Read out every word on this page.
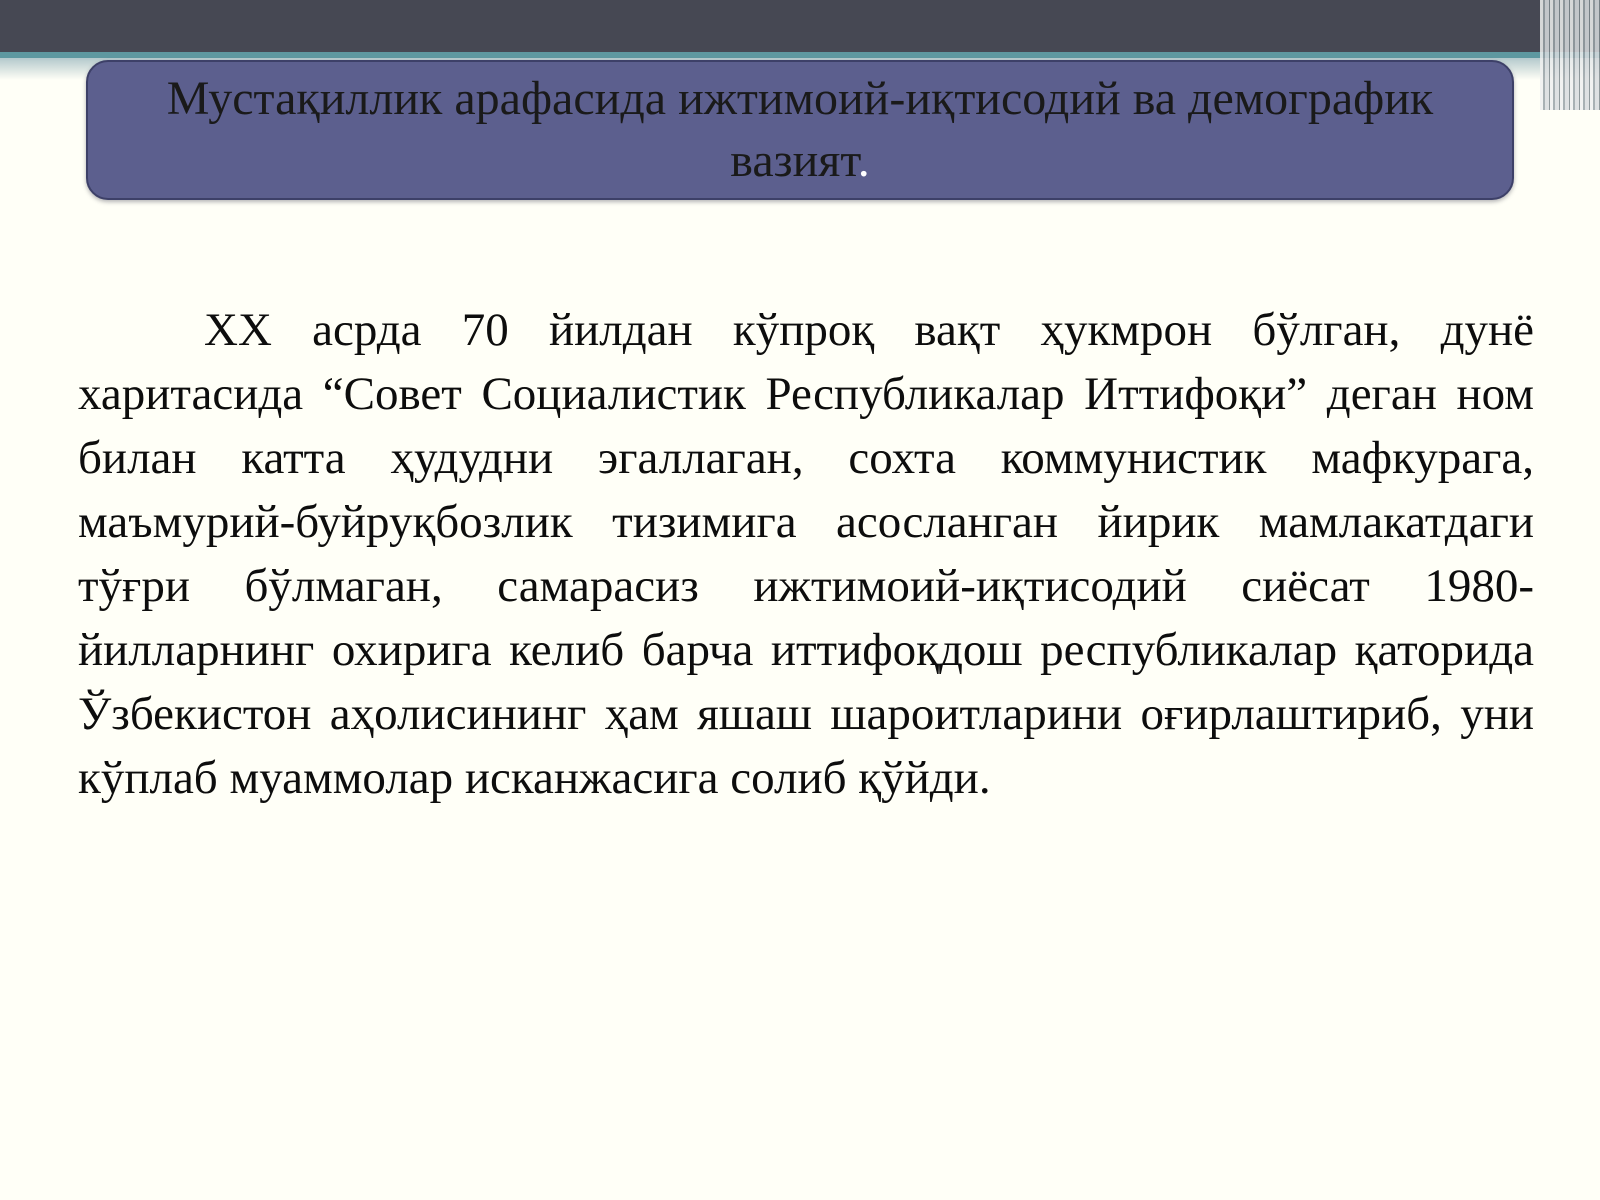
Мустақиллик арафасида ижтимоий-иқтисодий ва демографик вазият.

XX асрда 70 йилдан кўпроқ вақт ҳукмрон бўлган, дунё харитасида “Совет Социалистик Республикалар Иттифоқи” деган ном билан катта ҳудудни эгаллаган, сохта коммунистик мафкурага, маъмурий-буйруқбозлик тизимига асосланган йирик мамлакатдаги тўғри бўлмаган, самарасиз ижтимоий-иқтисодий сиёсат 1980-йилларнинг охирига келиб барча иттифоқдош республикалар қаторида Ўзбекистон аҳолисининг ҳам яшаш шароитларини оғирлаштириб, уни кўплаб муаммолар исканжасига солиб қўйди.
